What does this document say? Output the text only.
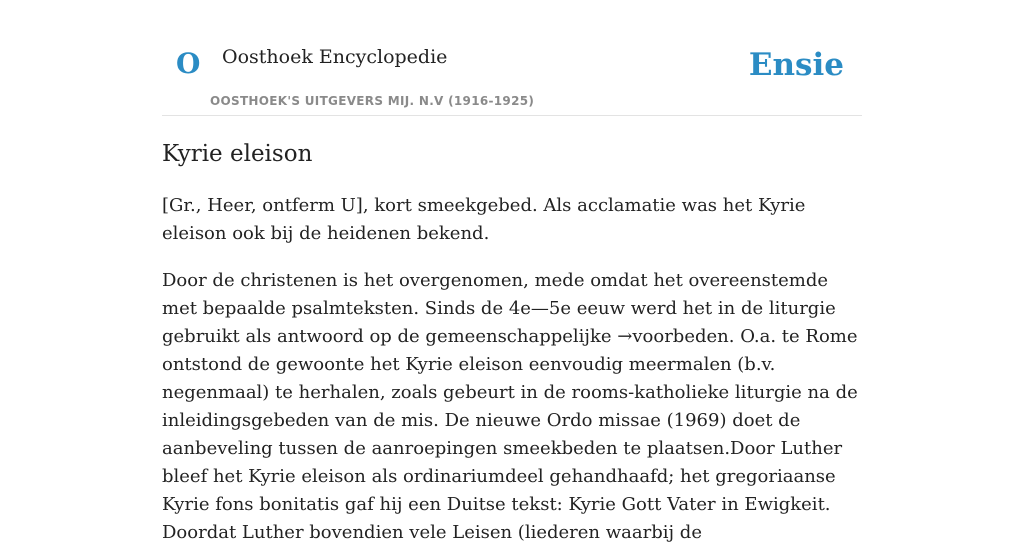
O Oosthoek Encyclopedie
OOSTHOEK'S UITGEVERS MIJ. N.V (1916-1925)
Ensie
Kyrie eleison

[Gr., Heer, ontferm U], kort smeekgebed. Als acclamatie was het Kyrie eleison ook bij de heidenen bekend.

Door de christenen is het overgenomen, mede omdat het overeenstemde met bepaalde psalmteksten. Sinds de 4e—5e eeuw werd het in de liturgie gebruikt als antwoord op de gemeenschappelijke →voorbeden. O.a. te Rome ontstond de gewoonte het Kyrie eleison eenvoudig meermalen (b.v. negenmaal) te herhalen, zoals gebeurt in de rooms-katholieke liturgie na de inleidingsgebeden van de mis. De nieuwe Ordo missae (1969) doet de aanbeveling tussen de aanroepingen smeekbeden te plaatsen.Door Luther bleef het Kyrie eleison als ordinariumdeel gehandhaafd; het gregoriaanse Kyrie fons bonitatis gaf hij een Duitse tekst: Kyrie Gott Vater in Ewigkeit. Doordat Luther bovendien vele Leisen (liederen waarbij de
